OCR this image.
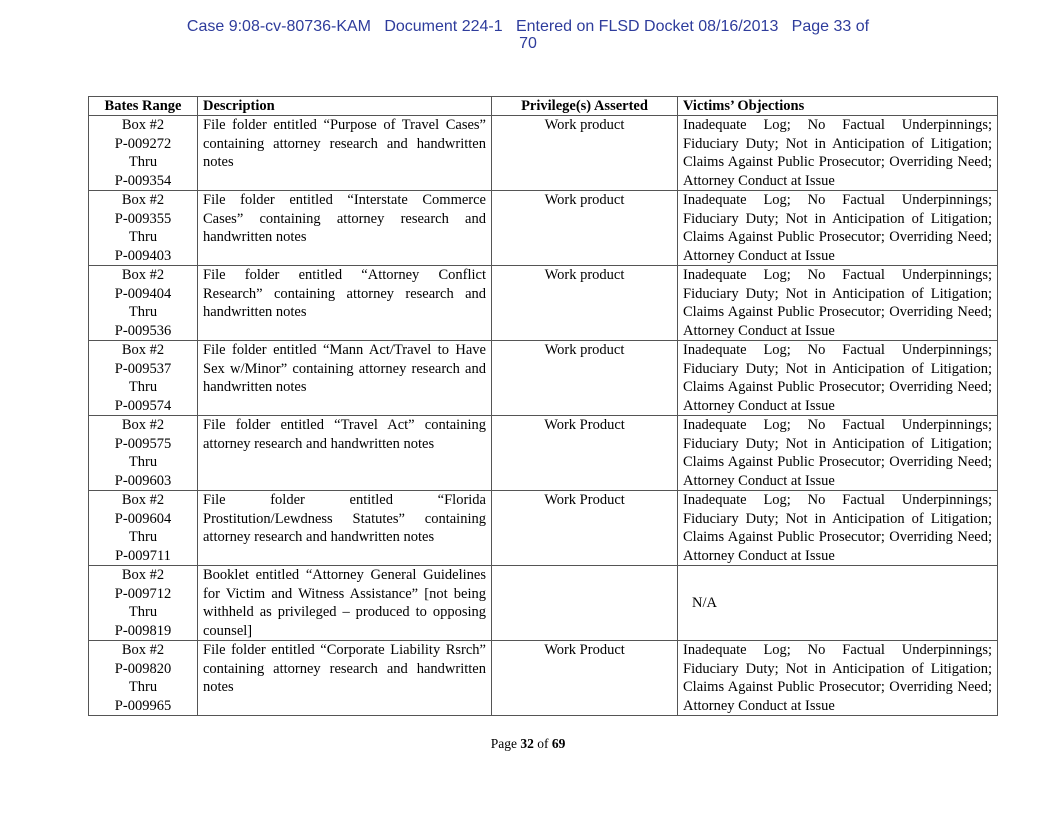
Case 9:08-cv-80736-KAM   Document 224-1   Entered on FLSD Docket 08/16/2013   Page 33 of
70
Bates Range	Description	Privilege(s) Asserted	Victims’ Objections

Box #2
P-009272
Thru
P-009354	File folder entitled “Purpose of Travel Cases” containing attorney research and handwritten notes	Work product	Inadequate Log; No Factual Underpinnings; Fiduciary Duty; Not in Anticipation of Litigation; Claims Against Public Prosecutor; Overriding Need; Attorney Conduct at Issue

Box #2
P-009355
Thru
P-009403	File folder entitled “Interstate Commerce Cases” containing attorney research and handwritten notes	Work product	Inadequate Log; No Factual Underpinnings; Fiduciary Duty; Not in Anticipation of Litigation; Claims Against Public Prosecutor; Overriding Need; Attorney Conduct at Issue

Box #2
P-009404
Thru
P-009536	File folder entitled “Attorney Conflict Research” containing attorney research and handwritten notes	Work product	Inadequate Log; No Factual Underpinnings; Fiduciary Duty; Not in Anticipation of Litigation; Claims Against Public Prosecutor; Overriding Need; Attorney Conduct at Issue

Box #2
P-009537
Thru
P-009574	File folder entitled “Mann Act/Travel to Have Sex w/Minor” containing attorney research and handwritten notes	Work product	Inadequate Log; No Factual Underpinnings; Fiduciary Duty; Not in Anticipation of Litigation; Claims Against Public Prosecutor; Overriding Need; Attorney Conduct at Issue

Box #2
P-009575
Thru
P-009603	File folder entitled “Travel Act” containing attorney research and handwritten notes	Work Product	Inadequate Log; No Factual Underpinnings; Fiduciary Duty; Not in Anticipation of Litigation; Claims Against Public Prosecutor; Overriding Need; Attorney Conduct at Issue

Box #2
P-009604
Thru
P-009711	File folder entitled “Florida Prostitution/Lewdness Statutes” containing attorney research and handwritten notes	Work Product	Inadequate Log; No Factual Underpinnings; Fiduciary Duty; Not in Anticipation of Litigation; Claims Against Public Prosecutor; Overriding Need; Attorney Conduct at Issue

Box #2
P-009712
Thru
P-009819	Booklet entitled “Attorney General Guidelines for Victim and Witness Assistance” [not being withheld as privileged – produced to opposing counsel]		N/A

Box #2
P-009820
Thru
P-009965	File folder entitled “Corporate Liability Rsrch” containing attorney research and handwritten notes	Work Product	Inadequate Log; No Factual Underpinnings; Fiduciary Duty; Not in Anticipation of Litigation; Claims Against Public Prosecutor; Overriding Need; Attorney Conduct at Issue
Page 32 of 69
